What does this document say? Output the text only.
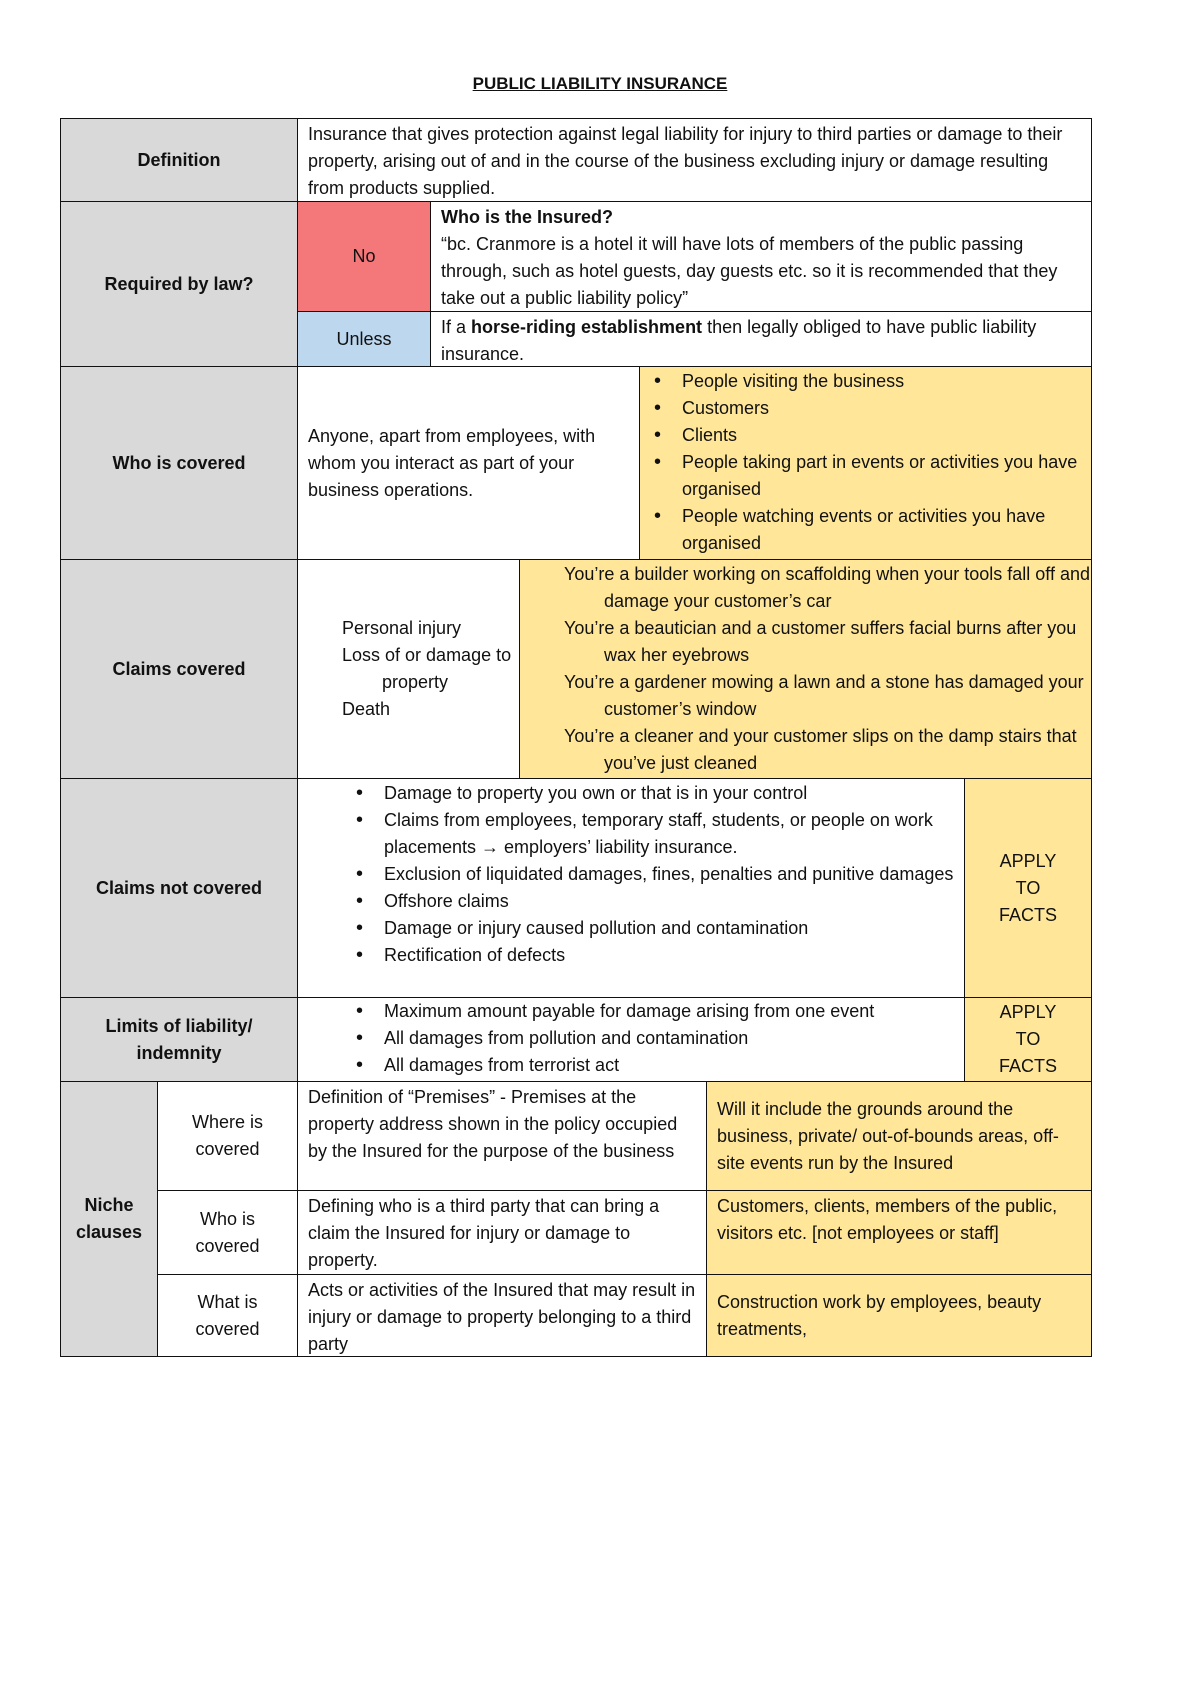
PUBLIC LIABILITY INSURANCE
Definition
Insurance that gives protection against legal liability for injury to third parties or damage to their property, arising out of and in the course of the business excluding injury or damage resulting from products supplied.
Required by law?
No
Who is the Insured?
“bc. Cranmore is a hotel it will have lots of members of the public passing through, such as hotel guests, day guests etc. so it is recommended that they take out a public liability policy”
Unless
If a horse-riding establishment then legally obliged to have public liability insurance.
Who is covered
Anyone, apart from employees, with whom you interact as part of your business operations.
• People visiting the business
• Customers
• Clients
• People taking part in events or activities you have organised
• People watching events or activities you have organised
Claims covered
• Personal injury
• Loss of or damage to property
• Death
• You’re a builder working on scaffolding when your tools fall off and damage your customer’s car
• You’re a beautician and a customer suffers facial burns after you wax her eyebrows
• You’re a gardener mowing a lawn and a stone has damaged your customer’s window
• You’re a cleaner and your customer slips on the damp stairs that you’ve just cleaned
Claims not covered
• Damage to property you own or that is in your control
• Claims from employees, temporary staff, students, or people on work placements → employers’ liability insurance.
• Exclusion of liquidated damages, fines, penalties and punitive damages
• Offshore claims
• Damage or injury caused pollution and contamination
• Rectification of defects
APPLY TO FACTS
Limits of liability/ indemnity
• Maximum amount payable for damage arising from one event
• All damages from pollution and contamination
• All damages from terrorist act
APPLY TO FACTS
Niche clauses
Where is covered
Definition of “Premises” - Premises at the property address shown in the policy occupied by the Insured for the purpose of the business
Will it include the grounds around the business, private/ out-of-bounds areas, off-site events run by the Insured
Who is covered
Defining who is a third party that can bring a claim the Insured for injury or damage to property.
Customers, clients, members of the public, visitors etc. [not employees or staff]
What is covered
Acts or activities of the Insured that may result in injury or damage to property belonging to a third party
Construction work by employees, beauty treatments,
